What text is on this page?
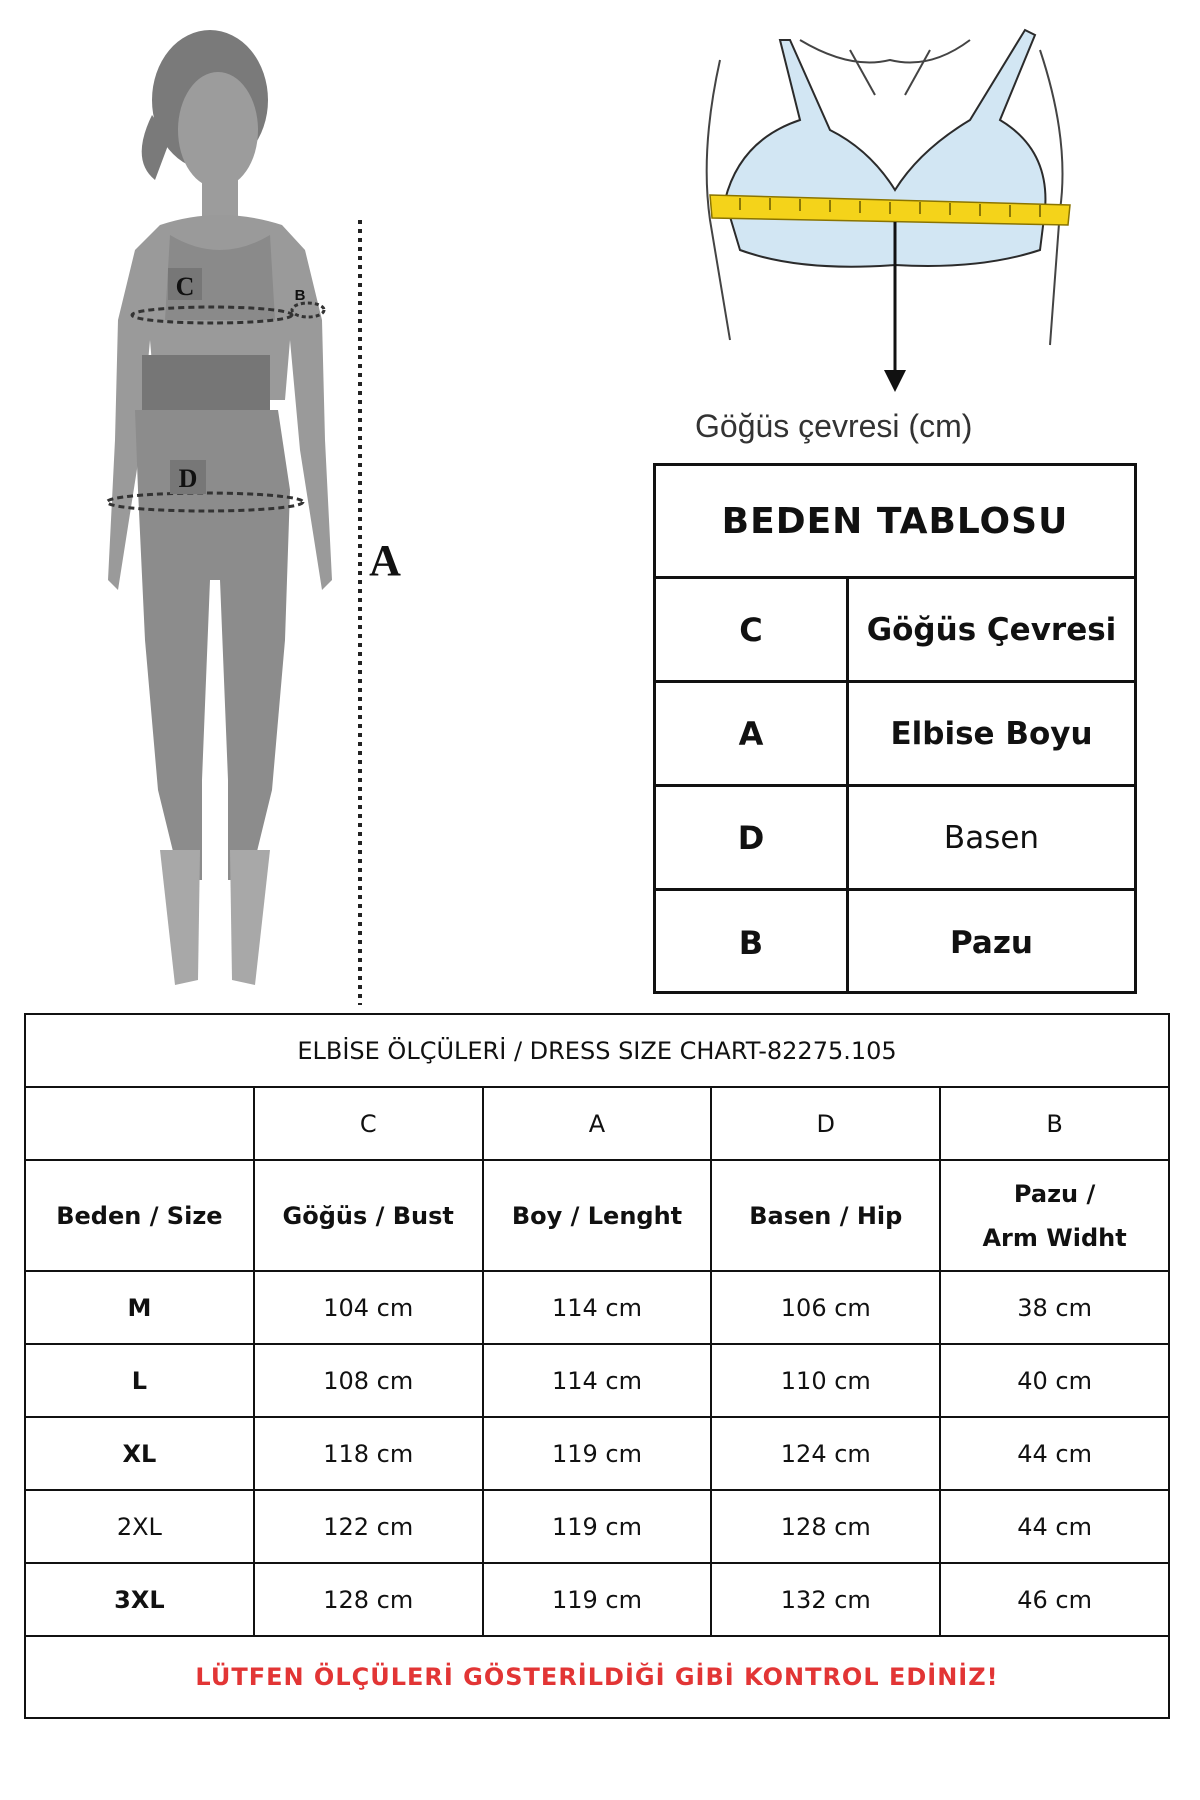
C	B
D
A
Göğüs çevresi (cm)
BEDEN TABLOSU
C	Göğüs Çevresi
A	Elbise Boyu
D	Basen
B	Pazu
ELBİSE ÖLÇÜLERİ / DRESS SIZE CHART-82275.105				
	C	A	D	B
Beden / Size	Göğüs / Bust	Boy / Lenght	Basen / Hip	Pazu /
Arm Widht
M	104 cm	114 cm	106 cm	38 cm
L	108 cm	114 cm	110 cm	40 cm
XL	118 cm	119 cm	124 cm	44 cm
2XL	122 cm	119 cm	128 cm	44 cm
3XL	128 cm	119 cm	132 cm	46 cm
LÜTFEN ÖLÇÜLERİ GÖSTERİLDİĞİ GİBİ KONTROL EDİNİZ!				
